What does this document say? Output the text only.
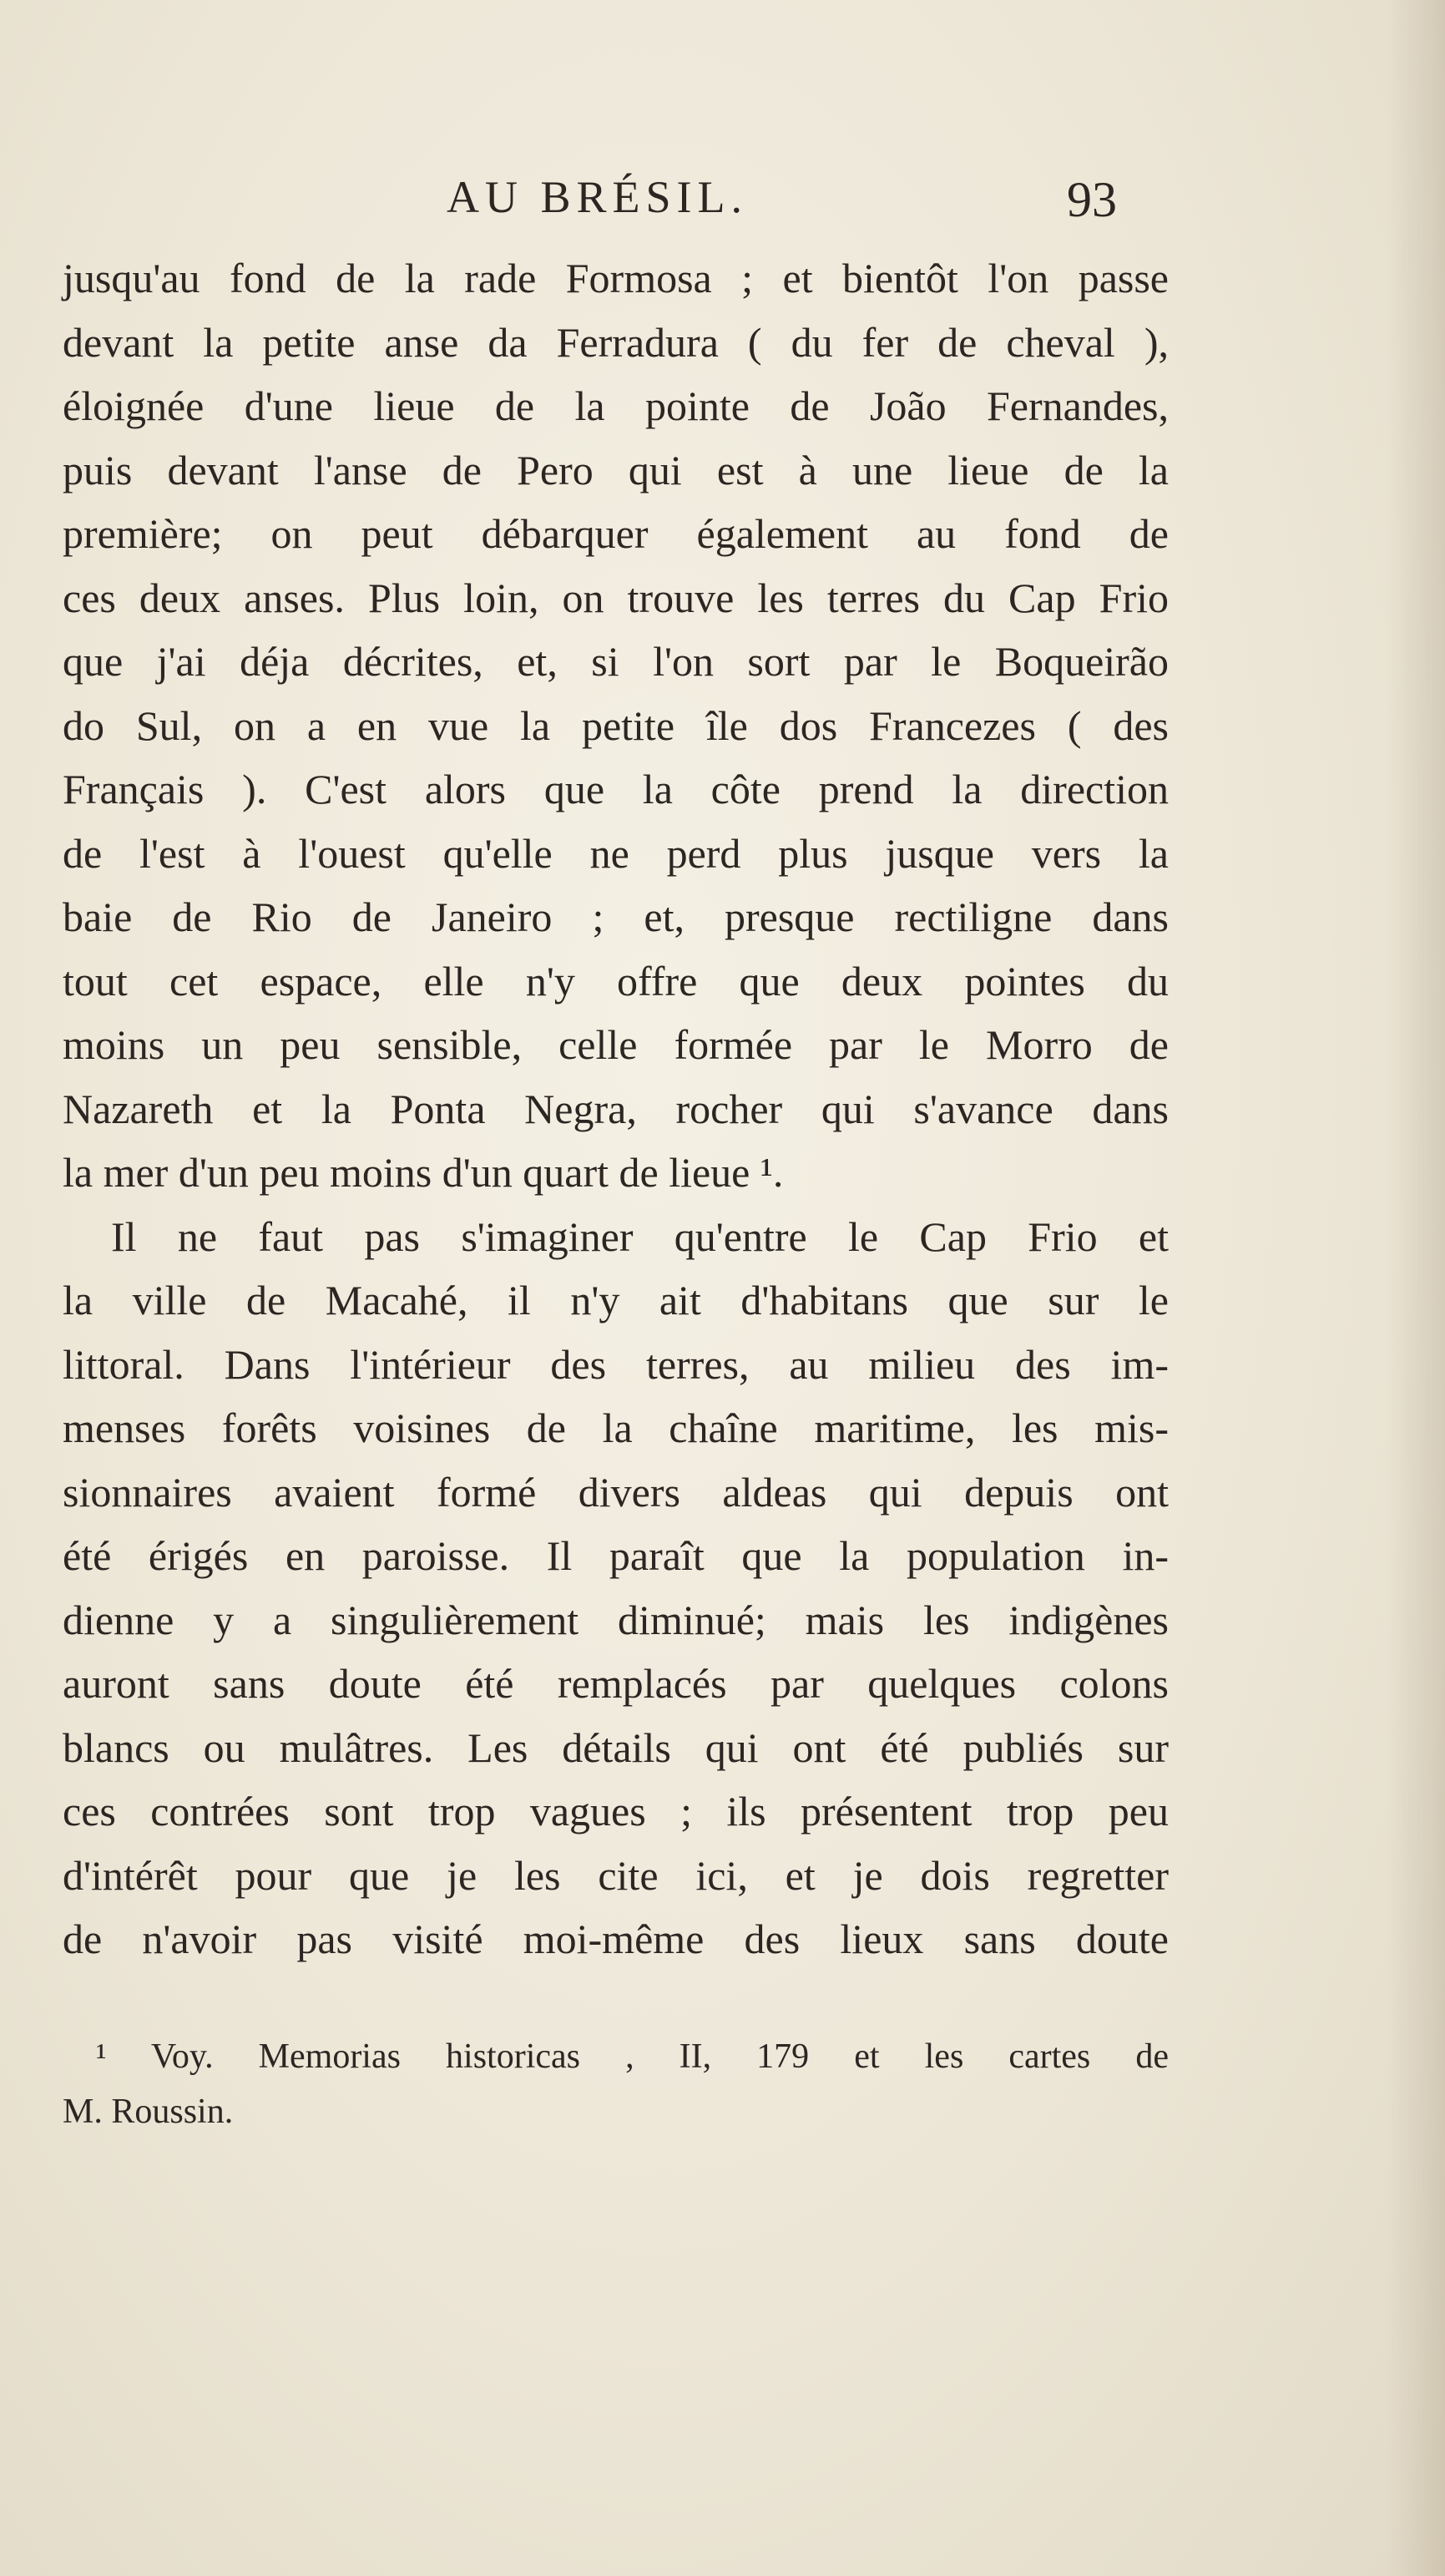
AU BRÉSIL.	93
jusqu'au fond de la rade Formosa ; et bientôt l'on passe
devant la petite anse da Ferradura ( du fer de cheval ),
éloignée d'une lieue de la pointe de João Fernandes,
puis devant l'anse de Pero qui est à une lieue de la
première; on peut débarquer également au fond de
ces deux anses. Plus loin, on trouve les terres du Cap Frio
que j'ai déja décrites, et, si l'on sort par le Boqueirão
do Sul, on a en vue la petite île dos Francezes ( des
Français ). C'est alors que la côte prend la direction
de l'est à l'ouest qu'elle ne perd plus jusque vers la
baie de Rio de Janeiro ; et, presque rectiligne dans
tout cet espace, elle n'y offre que deux pointes du
moins un peu sensible, celle formée par le Morro de
Nazareth et la Ponta Negra, rocher qui s'avance dans
la mer d'un peu moins d'un quart de lieue ¹.
Il ne faut pas s'imaginer qu'entre le Cap Frio et
la ville de Macahé, il n'y ait d'habitans que sur le
littoral. Dans l'intérieur des terres, au milieu des im-
menses forêts voisines de la chaîne maritime, les mis-
sionnaires avaient formé divers aldeas qui depuis ont
été érigés en paroisse. Il paraît que la population in-
dienne y a singulièrement diminué; mais les indigènes
auront sans doute été remplacés par quelques colons
blancs ou mulâtres. Les détails qui ont été publiés sur
ces contrées sont trop vagues ; ils présentent trop peu
d'intérêt pour que je les cite ici, et je dois regretter
de n'avoir pas visité moi-même des lieux sans doute
¹ Voy. Memorias historicas , II, 179 et les cartes de
M. Roussin.
